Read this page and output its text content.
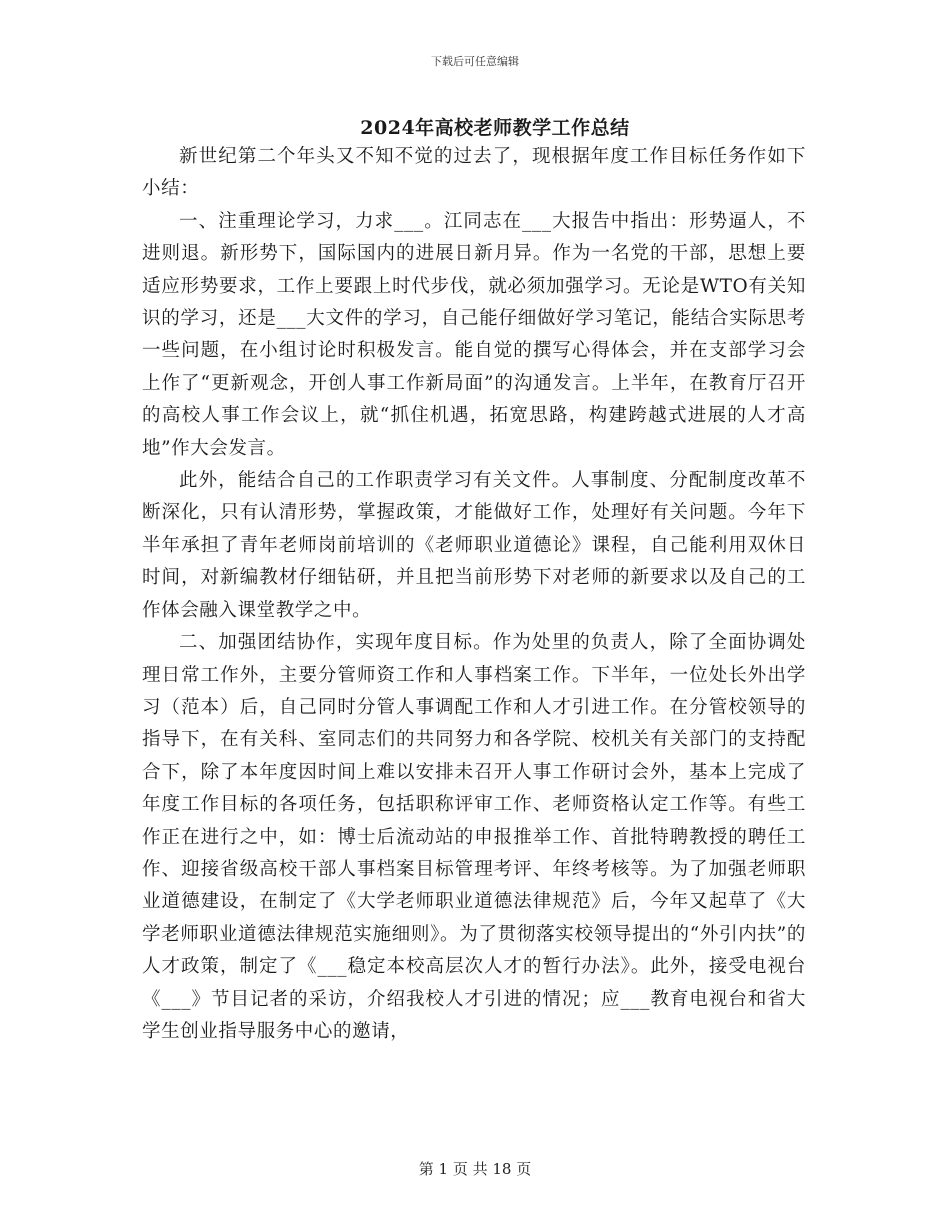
下载后可任意编辑
2024年高校老师教学工作总结

新世纪第二个年头又不知不觉的过去了，现根据年度工作目标任务作如下小结：

一、注重理论学习，力求___。江同志在___大报告中指出：形势逼人，不进则退。新形势下，国际国内的进展日新月异。作为一名党的干部，思想上要适应形势要求，工作上要跟上时代步伐，就必须加强学习。无论是WTO有关知识的学习，还是___大文件的学习，自己能仔细做好学习笔记，能结合实际思考一些问题，在小组讨论时积极发言。能自觉的撰写心得体会，并在支部学习会上作了“更新观念，开创人事工作新局面”的沟通发言。上半年，在教育厅召开的高校人事工作会议上，就“抓住机遇，拓宽思路，构建跨越式进展的人才高地”作大会发言。

此外，能结合自己的工作职责学习有关文件。人事制度、分配制度改革不断深化，只有认清形势，掌握政策，才能做好工作，处理好有关问题。今年下半年承担了青年老师岗前培训的《老师职业道德论》课程，自己能利用双休日时间，对新编教材仔细钻研，并且把当前形势下对老师的新要求以及自己的工作体会融入课堂教学之中。

二、加强团结协作，实现年度目标。作为处里的负责人，除了全面协调处理日常工作外，主要分管师资工作和人事档案工作。下半年，一位处长外出学习（范本）后，自己同时分管人事调配工作和人才引进工作。在分管校领导的指导下，在有关科、室同志们的共同努力和各学院、校机关有关部门的支持配合下，除了本年度因时间上难以安排未召开人事工作研讨会外，基本上完成了年度工作目标的各项任务，包括职称评审工作、老师资格认定工作等。有些工作正在进行之中，如：博士后流动站的申报推举工作、首批特聘教授的聘任工作、迎接省级高校干部人事档案目标管理考评、年终考核等。为了加强老师职业道德建设，在制定了《大学老师职业道德法律规范》后，今年又起草了《大学老师职业道德法律规范实施细则》。为了贯彻落实校领导提出的“外引内扶”的人才政策，制定了《___稳定本校高层次人才的暂行办法》。此外，接受电视台《___》节目记者的采访，介绍我校人才引进的情况；应___教育电视台和省大学生创业指导服务中心的邀请，

第 1 页 共 18 页
